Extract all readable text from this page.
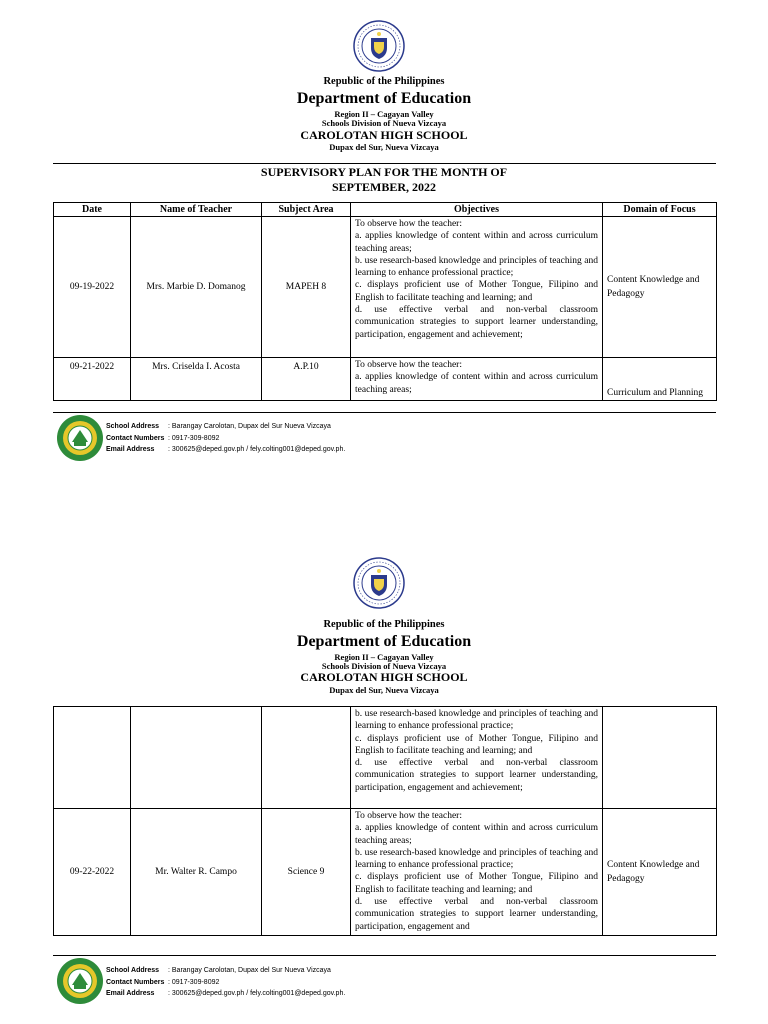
Republic of the Philippines
Department of Education
Region II – Cagayan Valley
Schools Division of Nueva Vizcaya
CAROLOTAN HIGH SCHOOL
Dupax del Sur, Nueva Vizcaya
SUPERVISORY PLAN FOR THE MONTH OF
SEPTEMBER, 2022
Date	Name of Teacher	Subject Area	Objectives	Domain of Focus
09-19-2022	Mrs. Marbie D. Domanog	MAPEH 8	To observe how the teacher:
a. applies knowledge of content within and across curriculum teaching areas;
b. use research-based knowledge and principles of teaching and learning to enhance professional practice;
c. displays proficient use of Mother Tongue, Filipino and English to facilitate teaching and learning; and
d. use effective verbal and non-verbal classroom communication strategies to support learner understanding, participation, engagement and achievement;	Content Knowledge and Pedagogy
09-21-2022	Mrs. Criselda I. Acosta	A.P.10	To observe how the teacher:
a. applies knowledge of content within and across curriculum teaching areas;	Curriculum and Planning
School Address	: Barangay Carolotan, Dupax del Sur Nueva Vizcaya
Contact Numbers : 0917-309-8092
Email Address	: 300625@deped.gov.ph / fely.colting001@deped.gov.ph.
Republic of the Philippines
Department of Education
Region II – Cagayan Valley
Schools Division of Nueva Vizcaya
CAROLOTAN HIGH SCHOOL
Dupax del Sur, Nueva Vizcaya

			b. use research-based knowledge and principles of teaching and learning to enhance professional practice;
c. displays proficient use of Mother Tongue, Filipino and English to facilitate teaching and learning; and
d. use effective verbal and non-verbal classroom communication strategies to support learner understanding, participation, engagement and achievement;	

09-22-2022	Mr. Walter R. Campo	Science 9	To observe how the teacher:
a. applies knowledge of content within and across curriculum teaching areas;
b. use research-based knowledge and principles of teaching and learning to enhance professional practice;
c. displays proficient use of Mother Tongue, Filipino and English to facilitate teaching and learning; and
d. use effective verbal and non-verbal classroom communication strategies to support learner understanding, participation, engagement and	Content Knowledge and Pedagogy
School Address	: Barangay Carolotan, Dupax del Sur Nueva Vizcaya
Contact Numbers : 0917-309-8092
Email Address	: 300625@deped.gov.ph / fely.colting001@deped.gov.ph.
